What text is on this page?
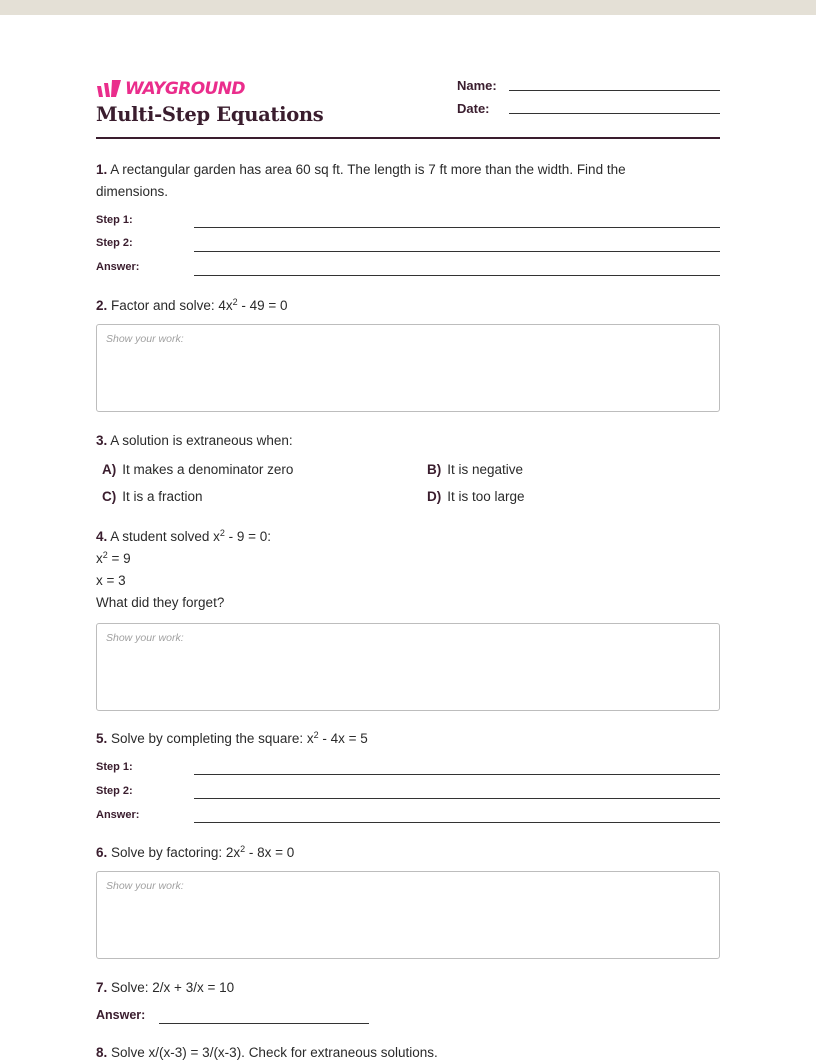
WAYGROUND
Multi-Step Equations
Name:
Date:
1. A rectangular garden has area 60 sq ft. The length is 7 ft more than the width. Find the
dimensions.
Step 1:
Step 2:
Answer:
2. Factor and solve: $4x^2 - 49 = 0$
Show your work:
3. A solution is extraneous when:
A) It makes a denominator zero	B) It is negative
C) It is a fraction	D) It is too large
4. A student solved $x^2 - 9 = 0$:
$x^2 = 9$
x = 3
What did they forget?
Show your work:
5. Solve by completing the square: $x^2 - 4x = 5$
Step 1:
Step 2:
Answer:
6. Solve by factoring: $2x^2 - 8x = 0$
Show your work:
7. Solve: 2/x + 3/x = 10
Answer:
8. Solve x/(x-3) = 3/(x-3). Check for extraneous solutions.
